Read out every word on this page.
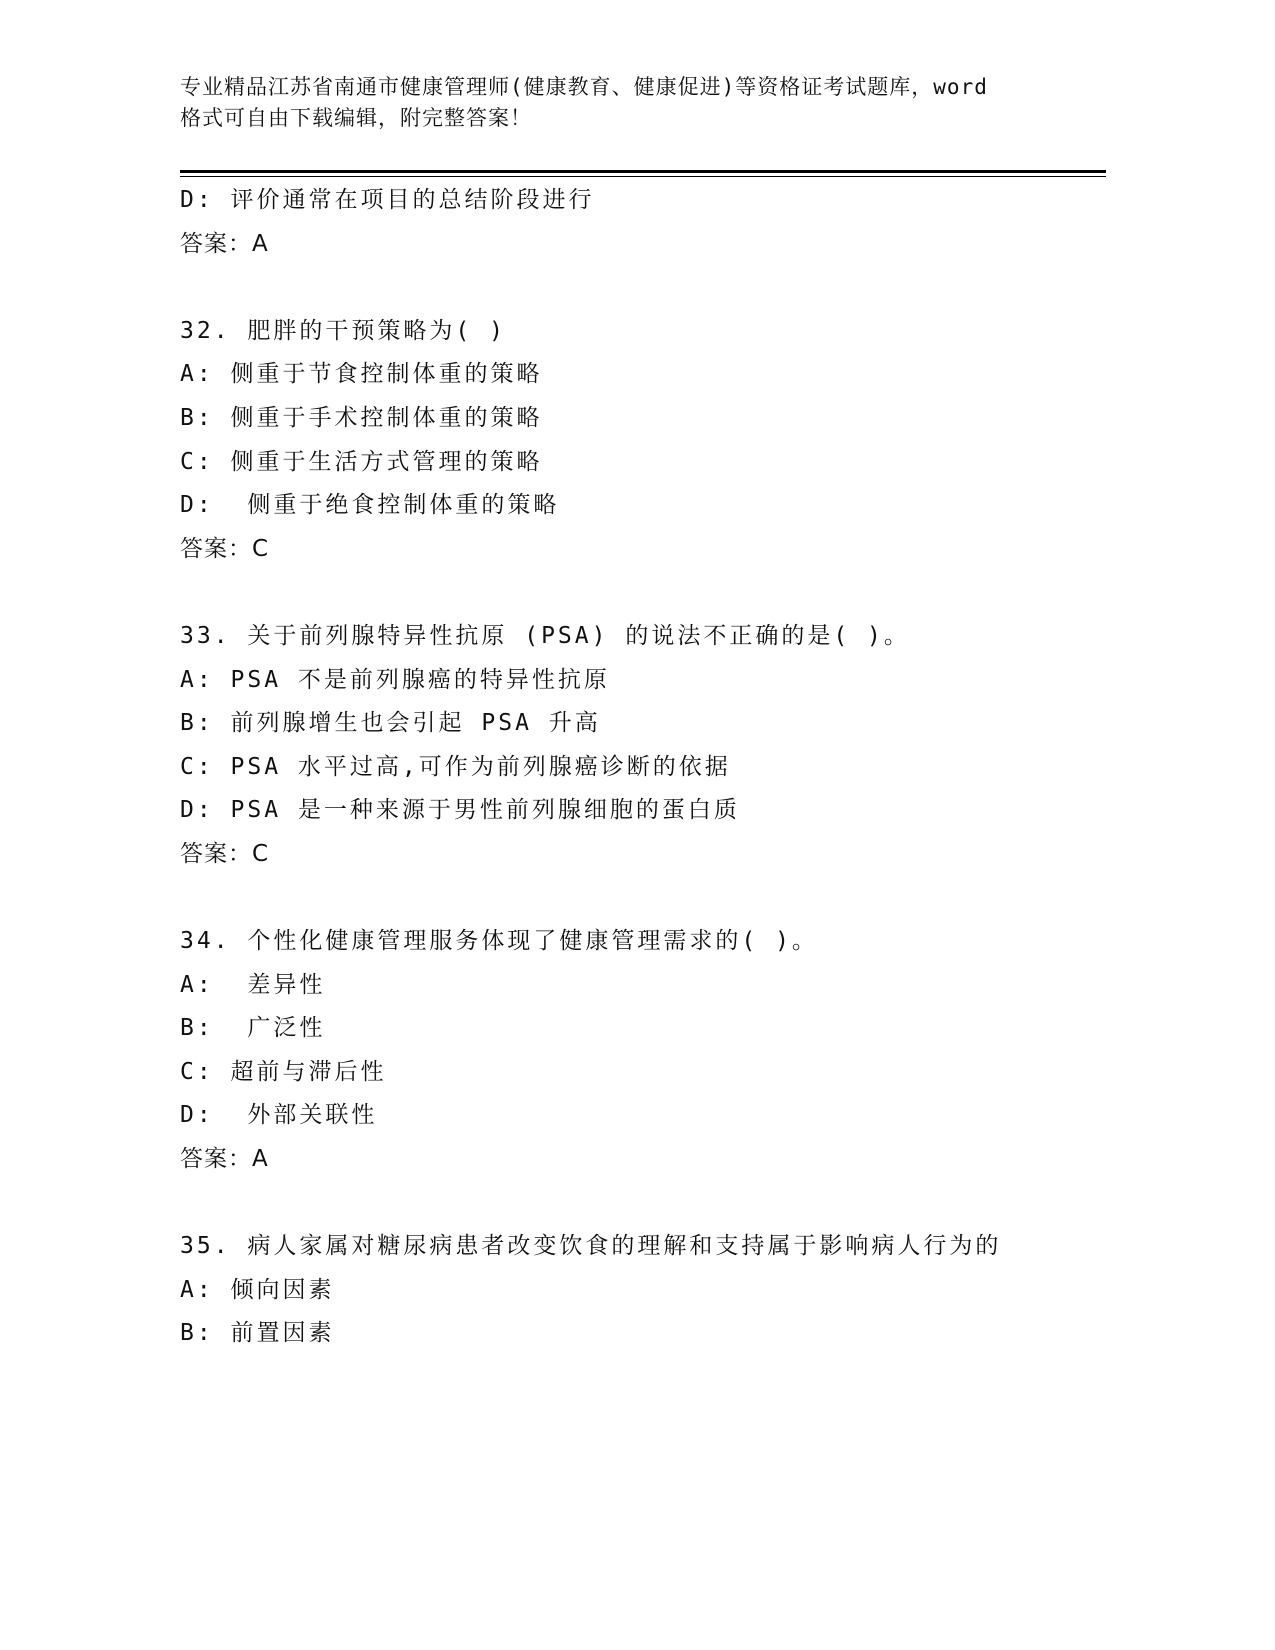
专业精品江苏省南通市健康管理师(健康教育、健康促进)等资格证考试题库，word
格式可自由下载编辑，附完整答案！
D: 评价通常在项目的总结阶段进行
答案：A
32. 肥胖的干预策略为( )
A: 侧重于节食控制体重的策略
B: 侧重于手术控制体重的策略
C: 侧重于生活方式管理的策略
D:  侧重于绝食控制体重的策略
答案：C
33. 关于前列腺特异性抗原 (PSA) 的说法不正确的是( )。
A: PSA 不是前列腺癌的特异性抗原
B: 前列腺增生也会引起 PSA 升高
C: PSA 水平过高,可作为前列腺癌诊断的依据
D: PSA 是一种来源于男性前列腺细胞的蛋白质
答案：C
34. 个性化健康管理服务体现了健康管理需求的( )。
A:  差异性
B:  广泛性
C: 超前与滞后性
D:  外部关联性
答案：A
35. 病人家属对糖尿病患者改变饮食的理解和支持属于影响病人行为的
A: 倾向因素
B: 前置因素
